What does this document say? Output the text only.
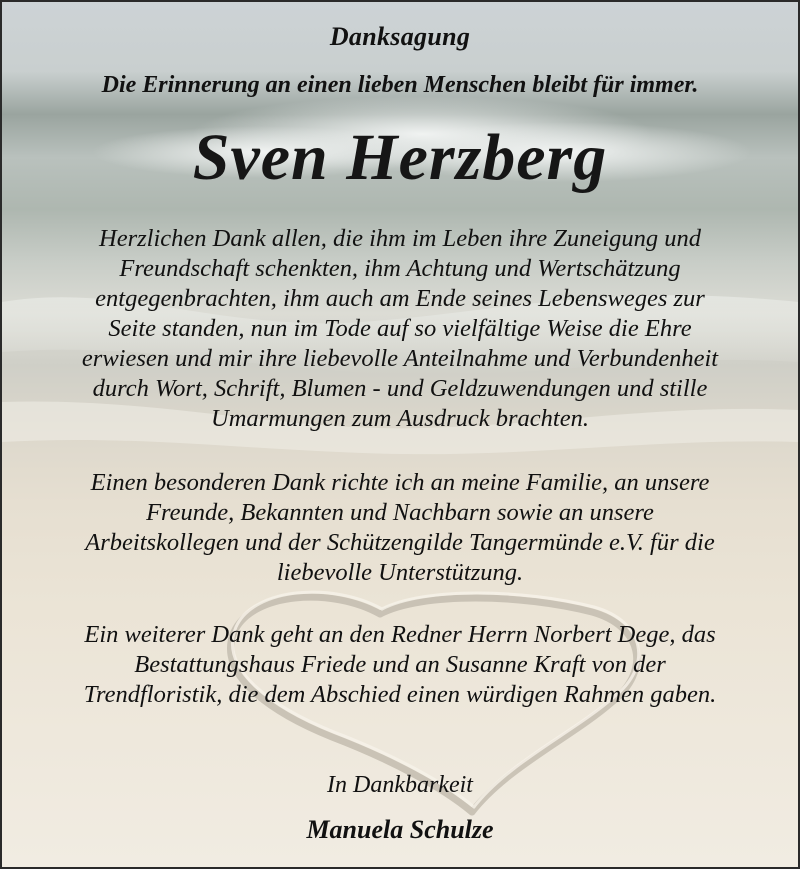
Danksagung
Die Erinnerung an einen lieben Menschen bleibt für immer.
Sven Herzberg
Herzlichen Dank allen, die ihm im Leben ihre Zuneigung und
Freundschaft schenkten, ihm Achtung und Wertschätzung
entgegenbrachten, ihm auch am Ende seines Lebensweges zur
Seite standen, nun im Tode auf so vielfältige Weise die Ehre
erwiesen und mir ihre liebevolle Anteilnahme und Verbundenheit
durch Wort, Schrift, Blumen - und Geldzuwendungen und stille
Umarmungen zum Ausdruck brachten.
Einen besonderen Dank richte ich an meine Familie, an unsere
Freunde, Bekannten und Nachbarn sowie an unsere
Arbeitskollegen und der Schützengilde Tangermünde e.V. für die
liebevolle Unterstützung.
Ein weiterer Dank geht an den Redner Herrn Norbert Dege, das
Bestattungshaus Friede und an Susanne Kraft von der
Trendfloristik, die dem Abschied einen würdigen Rahmen gaben.
In Dankbarkeit
Manuela Schulze
